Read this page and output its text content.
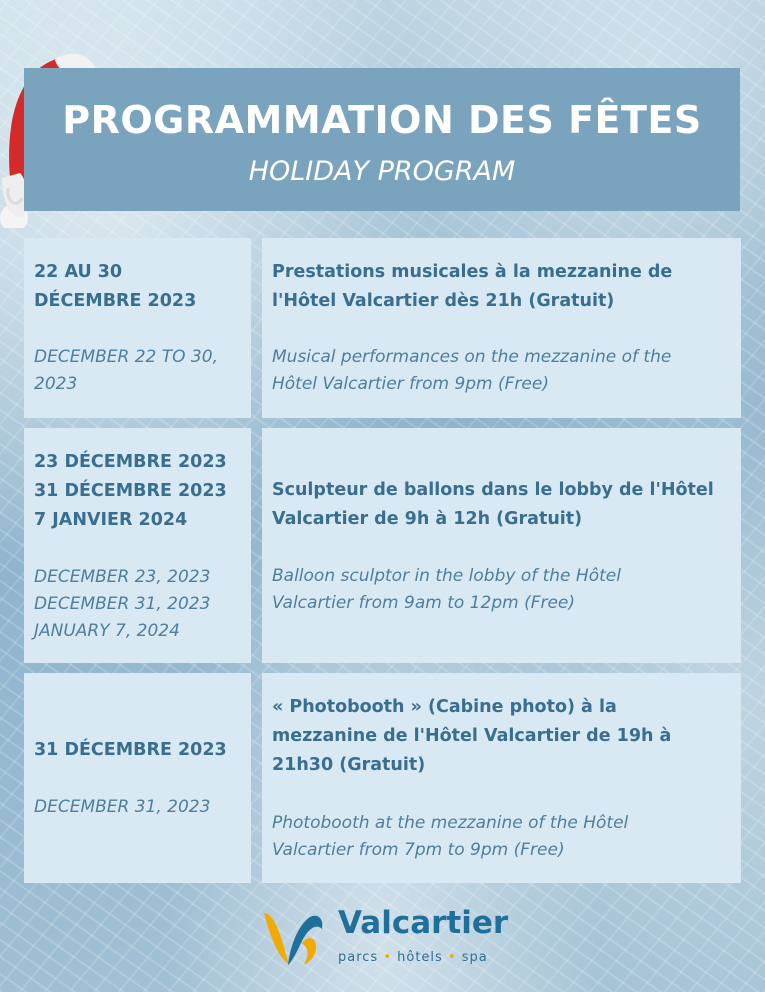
PROGRAMMATION DES FÊTES
HOLIDAY PROGRAM
22 AU 30
DÉCEMBRE 2023
DECEMBER 22 TO 30,
2023
Prestations musicales à la mezzanine de
l'Hôtel Valcartier dès 21h (Gratuit)
Musical performances on the mezzanine of the
Hôtel Valcartier from 9pm (Free)
23 DÉCEMBRE 2023
31 DÉCEMBRE 2023
7 JANVIER 2024
DECEMBER 23, 2023
DECEMBER 31, 2023
JANUARY 7, 2024
Sculpteur de ballons dans le lobby de l'Hôtel
Valcartier de 9h à 12h (Gratuit)
Balloon sculptor in the lobby of the Hôtel
Valcartier from 9am to 12pm (Free)
31 DÉCEMBRE 2023
DECEMBER 31, 2023
« Photobooth » (Cabine photo) à la
mezzanine de l'Hôtel Valcartier de 19h à
21h30 (Gratuit)
Photobooth at the mezzanine of the Hôtel
Valcartier from 7pm to 9pm (Free)
Valcartier
parcs • hôtels • spa
